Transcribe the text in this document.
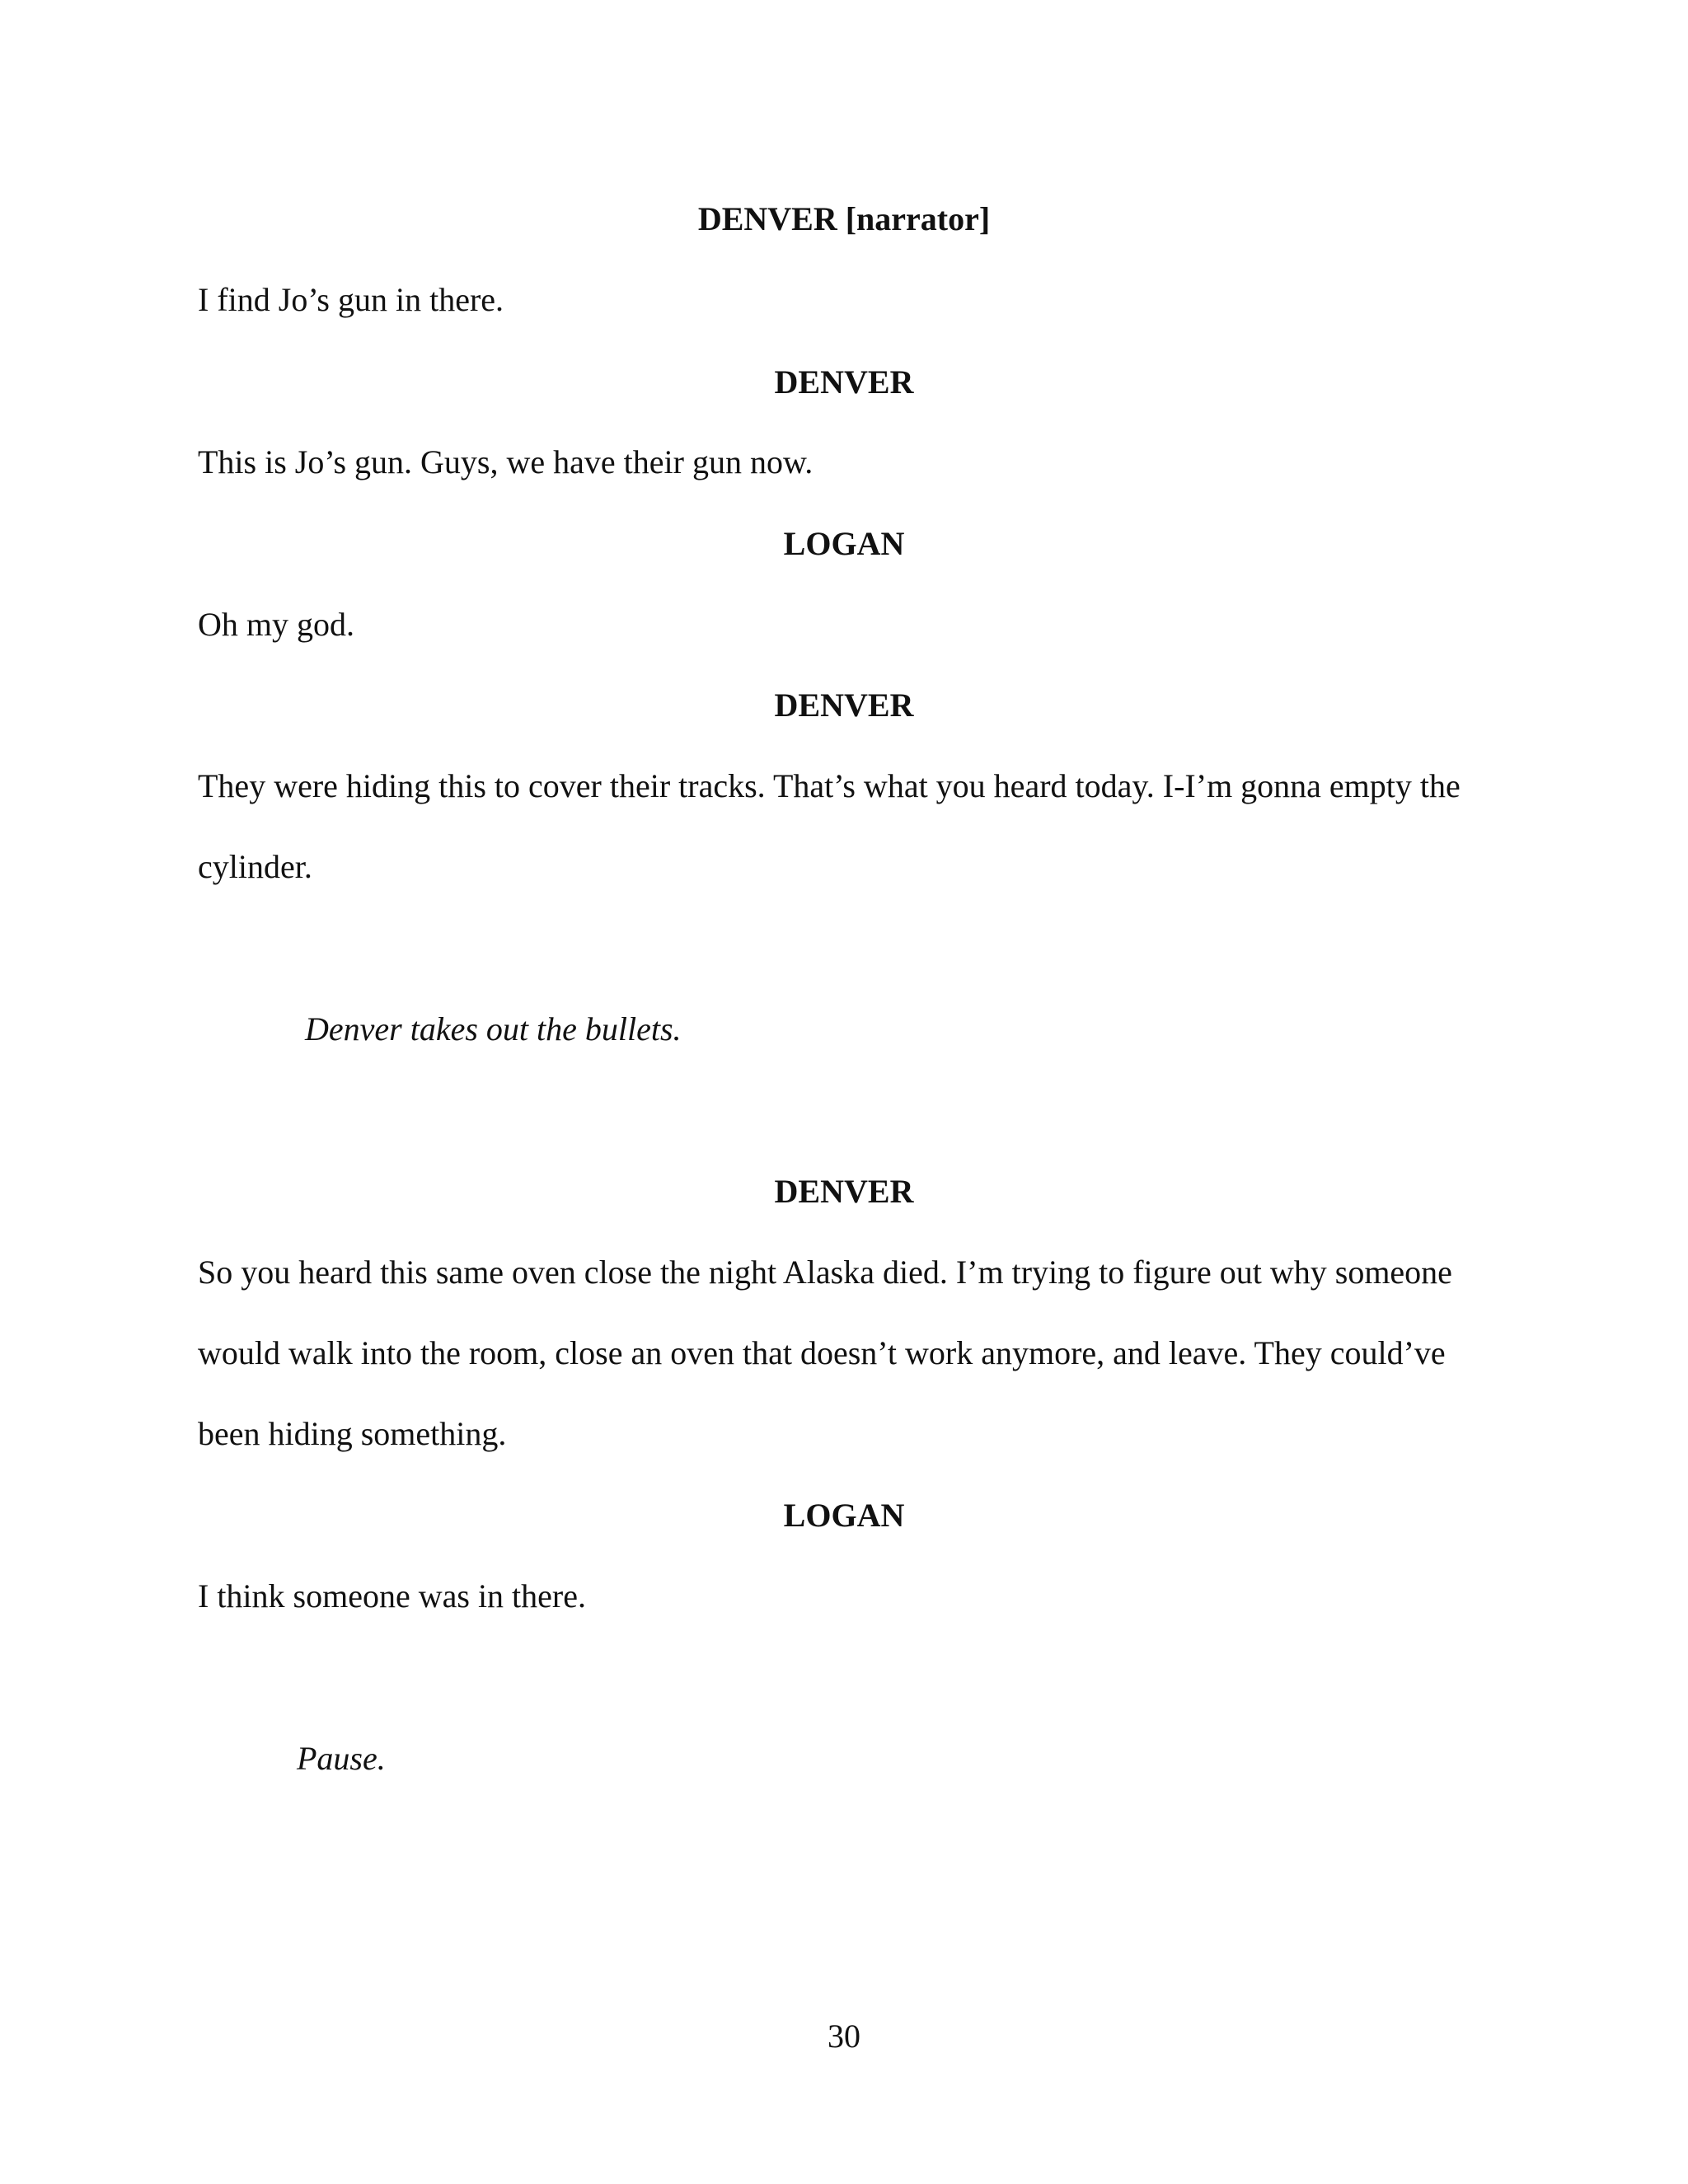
DENVER [narrator]

I find Jo’s gun in there.

DENVER

This is Jo’s gun. Guys, we have their gun now.

LOGAN

Oh my god.

DENVER

They were hiding this to cover their tracks. That’s what you heard today. I-I’m gonna empty the

cylinder.

Denver takes out the bullets.

DENVER

So you heard this same oven close the night Alaska died. I’m trying to figure out why someone

would walk into the room, close an oven that doesn’t work anymore, and leave. They could’ve

been hiding something.

LOGAN

I think someone was in there.

Pause.

30
